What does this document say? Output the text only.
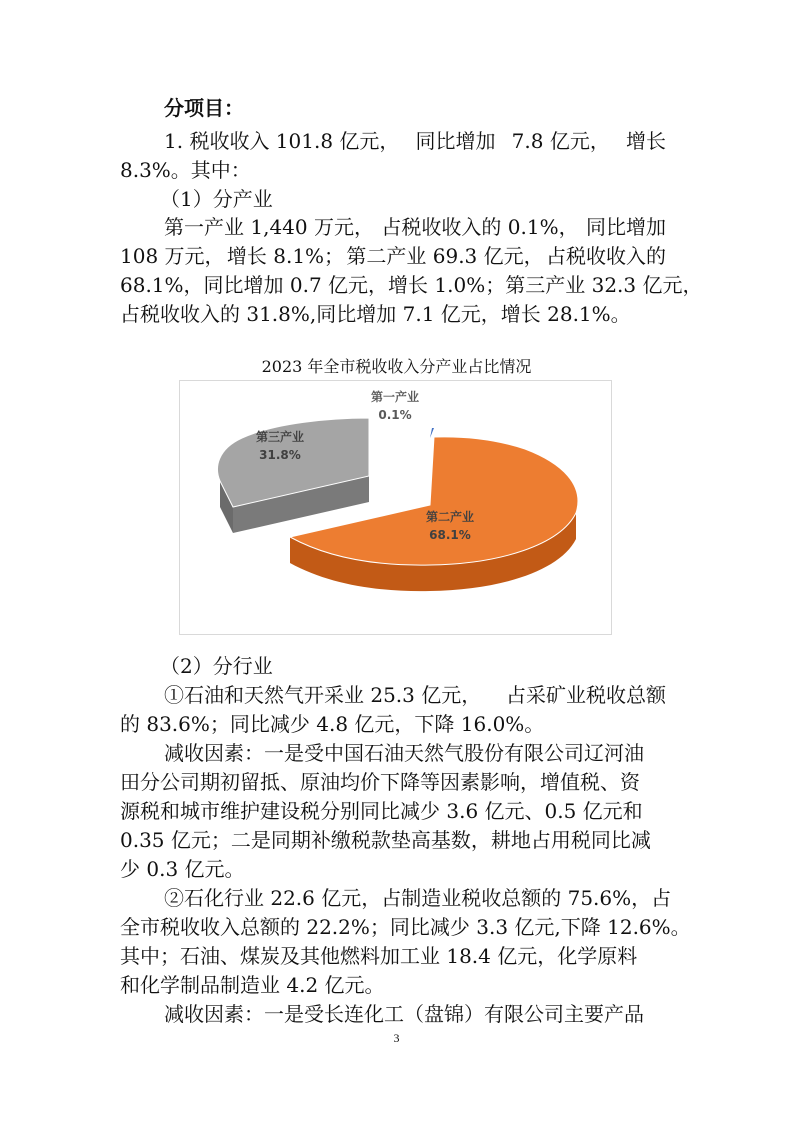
分项目：
1. 税收收入 101.8 亿元， 同比增加 7.8 亿元， 增长
8.3%。其中：
（1）分产业
第一产业 1,440 万元， 占税收收入的 0.1%， 同比增加
108 万元， 增长 8.1%； 第二产业 69.3 亿元， 占税收收入的
68.1%，同比增加 0.7 亿元，增长 1.0%； 第三产业 32.3 亿元，
占税收收入的 31.8%,同比增加 7.1 亿元，增长 28.1%。
2023 年全市税收收入分产业占比情况
第一产业
0.1%
第三产业
31.8%
第二产业
68.1%
（2）分行业
①石油和天然气开采业 25.3 亿元， 占采矿业税收总额
的 83.6%；同比减少 4.8 亿元，下降 16.0%。
减收因素：一是受中国石油天然气股份有限公司辽河油
田分公司期初留抵、原油均价下降等因素影响，增值税、资
源税和城市维护建设税分别同比减少 3.6 亿元、0.5 亿元和
0.35 亿元；二是同期补缴税款垫高基数，耕地占用税同比减
少 0.3 亿元。
②石化行业 22.6 亿元， 占制造业税收总额的 75.6%， 占
全市税收收入总额的 22.2%；同比减少 3.3 亿元,下降 12.6%。
其中；石油、煤炭及其他燃料加工业 18.4 亿元，化学原料
和化学制品制造业 4.2 亿元。
减收因素：一是受长连化工（盘锦）有限公司主要产品
3
